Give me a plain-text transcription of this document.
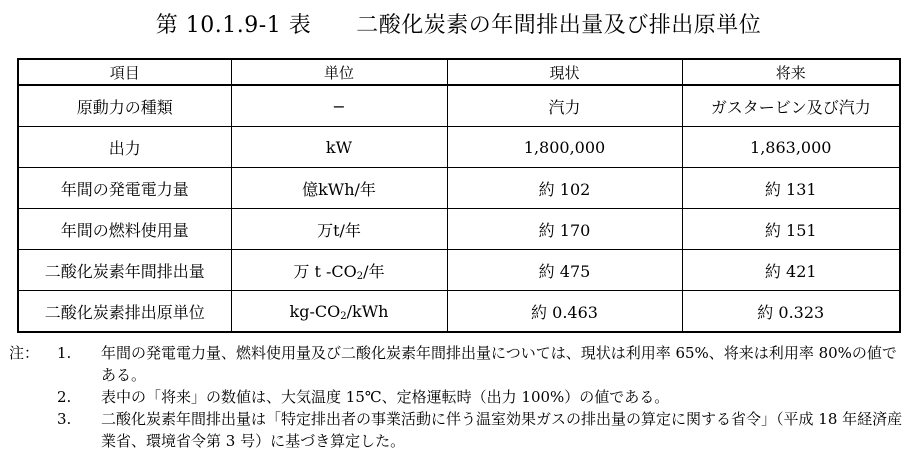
第 10.1.9-1 表　　二酸化炭素の年間排出量及び排出原単位
項目	単位	現状	将来
原動力の種類	−	汽力	ガスタービン及び汽力
出力	kW	1,800,000	1,863,000
年間の発電電力量	億kWh/年	約 102	約 131
年間の燃料使用量	万t/年	約 170	約 151
二酸化炭素年間排出量	万 t $-CO_2/$年	約 475	約 421
二酸化炭素排出原単位	$kg-CO_2$/kWh	約 0.463	約 0.323
注： 1. 年間の発電電力量、燃料使用量及び二酸化炭素年間排出量については、現状は利用率 65%、将来は利用率 80%の値である。
2. 表中の「将来」の数値は、大気温度 15℃、定格運転時（出力 100%）の値である。
3. 二酸化炭素年間排出量は「特定排出者の事業活動に伴う温室効果ガスの排出量の算定に関する省令」（平成 18 年経済産業省、環境省令第 3 号）に基づき算定した。
